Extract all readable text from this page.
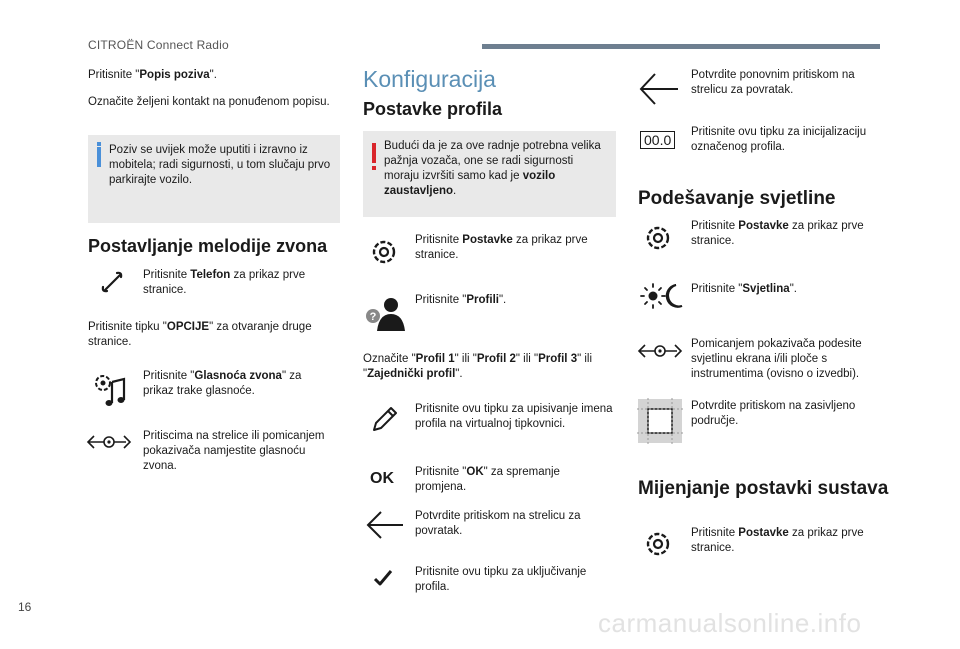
CITROËN Connect Radio
Pritisnite "Popis poziva".
Označite željeni kontakt na ponuđenom popisu.
Poziv se uvijek može uputiti i izravno iz mobitela; radi sigurnosti, u tom slučaju prvo parkirajte vozilo.
Postavljanje melodije zvona
Pritisnite Telefon za prikaz prve stranice.
Pritisnite tipku "OPCIJE" za otvaranje druge stranice.
Pritisnite "Glasnoća zvona" za prikaz trake glasnoće.
Pritiscima na strelice ili pomicanjem pokazivača namjestite glasnoću zvona.
Konfiguracija
Postavke profila
Budući da je za ove radnje potrebna velika pažnja vozača, one se radi sigurnosti moraju izvršiti samo kad je vozilo zaustavljeno.
Pritisnite Postavke za prikaz prve stranice.
?
Pritisnite "Profili".
Označite "Profil 1" ili "Profil 2" ili "Profil 3" ili "Zajednički profil".
Pritisnite ovu tipku za upisivanje imena profila na virtualnoj tipkovnici.
OK Pritisnite "OK" za spremanje promjena.
Potvrdite pritiskom na strelicu za povratak.
Pritisnite ovu tipku za uključivanje profila.
Potvrdite ponovnim pritiskom na strelicu za povratak.
00.0	Pritisnite ovu tipku za inicijalizaciju označenog profila.
Podešavanje svjetline
Pritisnite Postavke za prikaz prve stranice.
Pritisnite "Svjetlina".
Pomicanjem pokazivača podesite svjetlinu ekrana i/ili ploče s instrumentima (ovisno o izvedbi).
Potvrdite pritiskom na zasivljeno područje.
Mijenjanje postavki sustava
Pritisnite Postavke za prikaz prve stranice.
16
carmanualsonline.info
